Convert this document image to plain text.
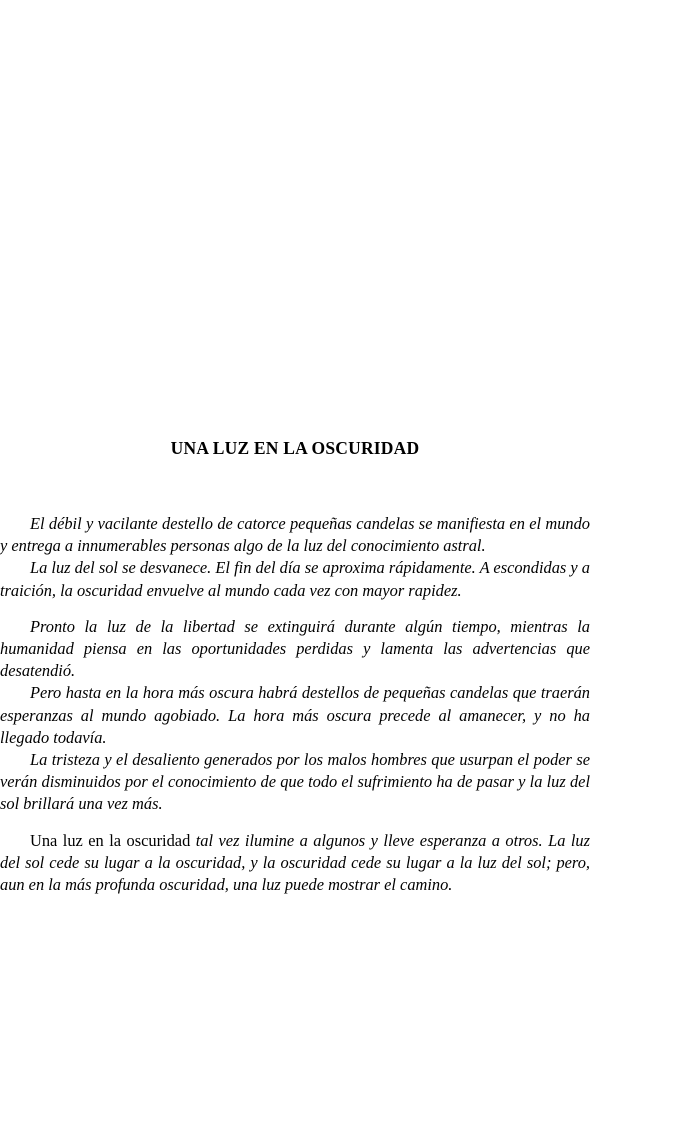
UNA LUZ EN LA OSCURIDAD

El débil y vacilante destello de catorce pequeñas candelas se manifiesta en el mundo y entrega a innumerables personas algo de la luz del conocimiento astral.

La luz del sol se desvanece. El fin del día se aproxima rápidamente. A escondidas y a traición, la oscuridad envuelve al mundo cada vez con mayor rapidez.

Pronto la luz de la libertad se extinguirá durante algún tiempo, mientras la humanidad piensa en las oportunidades perdidas y lamenta las advertencias que desatendió.

Pero hasta en la hora más oscura habrá destellos de pequeñas candelas que traerán esperanzas al mundo agobiado. La hora más oscura precede al amanecer, y no ha llegado todavía.

La tristeza y el desaliento generados por los malos hombres que usurpan el poder se verán disminuidos por el conocimiento de que todo el sufrimiento ha de pasar y la luz del sol brillará una vez más.

Una luz en la oscuridad tal vez ilumine a algunos y lleve esperanza a otros. La luz del sol cede su lugar a la oscuridad, y la oscuridad cede su lugar a la luz del sol; pero, aun en la más profunda oscuridad, una luz puede mostrar el camino.
